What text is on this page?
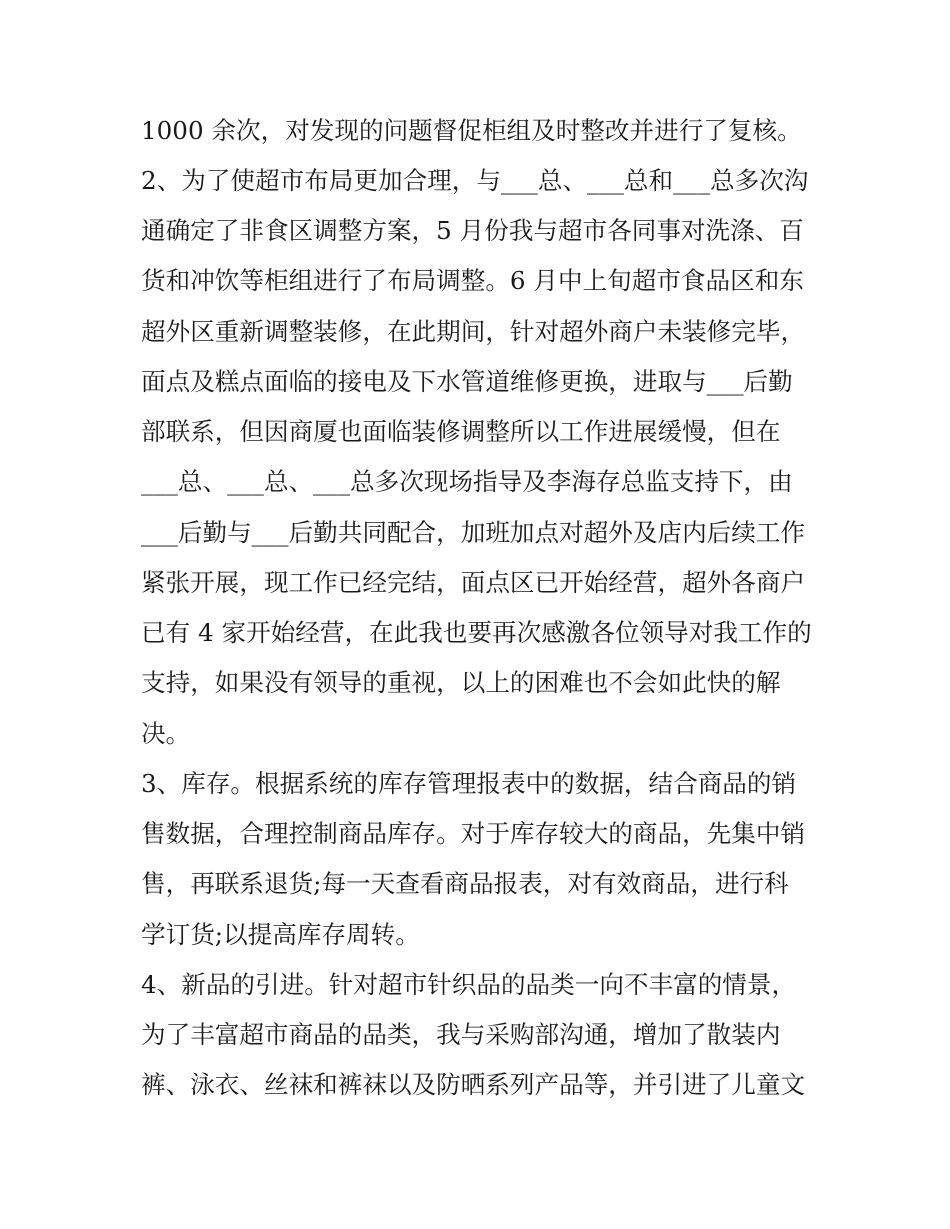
1000 余次，对发现的问题督促柜组及时整改并进行了复核。

2、为了使超市布局更加合理，与___总、___总和___总多次沟

通确定了非食区调整方案，5 月份我与超市各同事对洗涤、百

货和冲饮等柜组进行了布局调整。6 月中上旬超市食品区和东

超外区重新调整装修，在此期间，针对超外商户未装修完毕，

面点及糕点面临的接电及下水管道维修更换，进取与___后勤

部联系，但因商厦也面临装修调整所以工作进展缓慢，但在

___总、___总、___总多次现场指导及李海存总监支持下，由

___后勤与___后勤共同配合，加班加点对超外及店内后续工作

紧张开展，现工作已经完结，面点区已开始经营，超外各商户

已有 4 家开始经营，在此我也要再次感激各位领导对我工作的

支持，如果没有领导的重视，以上的困难也不会如此快的解

决。

3、库存。根据系统的库存管理报表中的数据，结合商品的销

售数据，合理控制商品库存。对于库存较大的商品，先集中销

售，再联系退货;每一天查看商品报表，对有效商品，进行科

学订货;以提高库存周转。

4、新品的引进。针对超市针织品的品类一向不丰富的情景，

为了丰富超市商品的品类，我与采购部沟通，增加了散装内

裤、泳衣、丝袜和裤袜以及防晒系列产品等，并引进了儿童文
